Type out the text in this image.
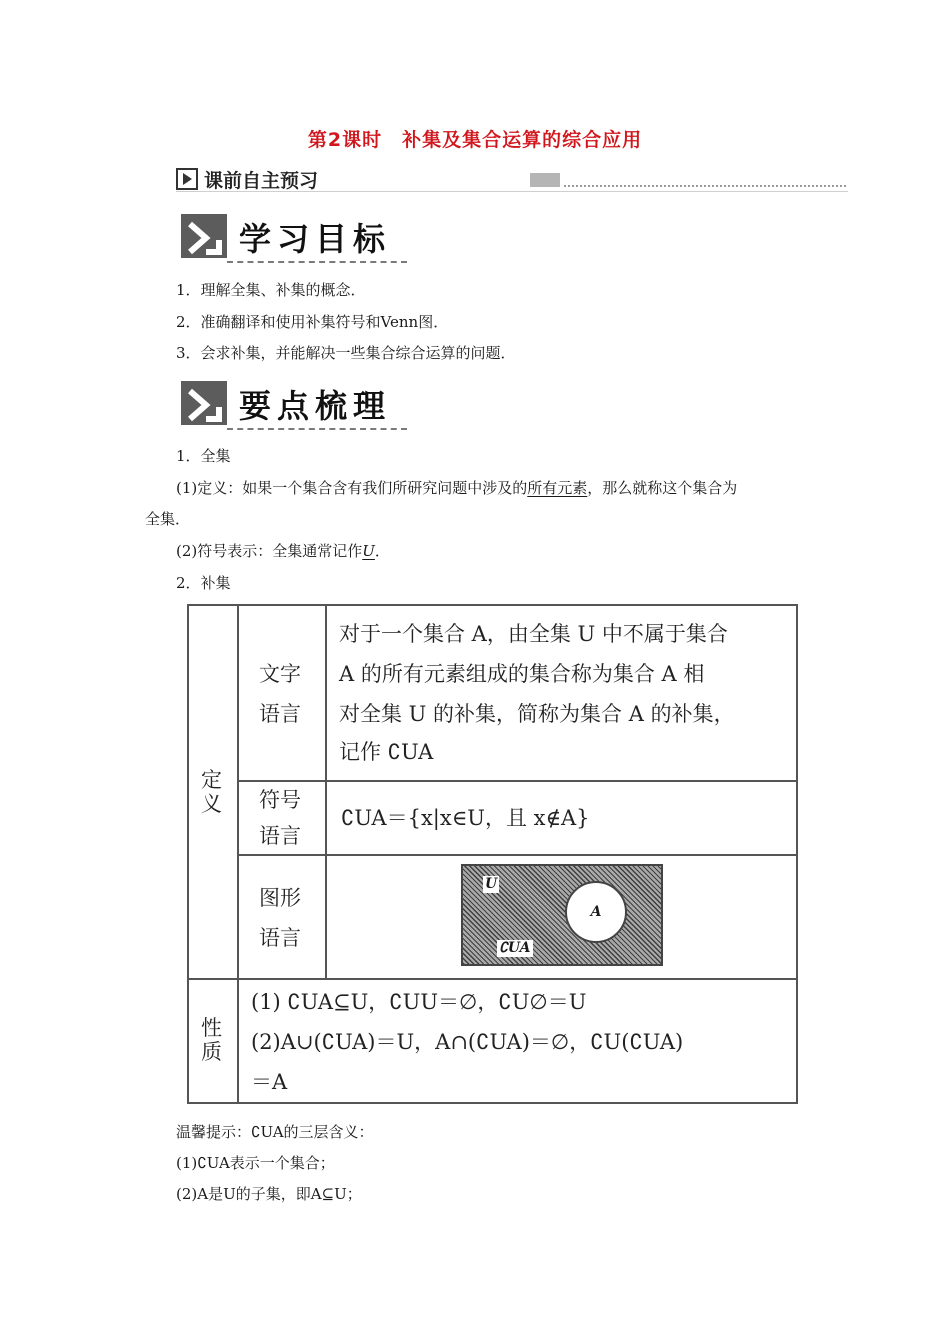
第2课时　补集及集合运算的综合应用
课前自主预习
学习目标
1．理解全集、补集的概念．
2．准确翻译和使用补集符号和Venn图．
3．会求补集，并能解决一些集合综合运算的问题．
要点梳理
1．全集
(1)定义：如果一个集合含有我们所研究问题中涉及的所有元素，那么就称这个集合为
全集．
(2)符号表示：全集通常记作U．
2．补集
定义
性质
文字语言
符号语言
图形语言
对于一个集合 A，由全集 U 中不属于集合
A 的所有元素组成的集合称为集合 A 相
对全集 U 的补集，简称为集合 A 的补集，
记作 ∁UA
∁UA＝{x|x∈U，且 x∉A}
U
A
∁UA
(1) ∁UA⊆U，∁UU＝∅，∁U∅＝U
(2)A∪(∁UA)＝U，A∩(∁UA)＝∅，∁U(∁UA)
＝A
温馨提示：∁UA的三层含义：
(1)∁UA表示一个集合；
(2)A是U的子集，即A⊆U；
